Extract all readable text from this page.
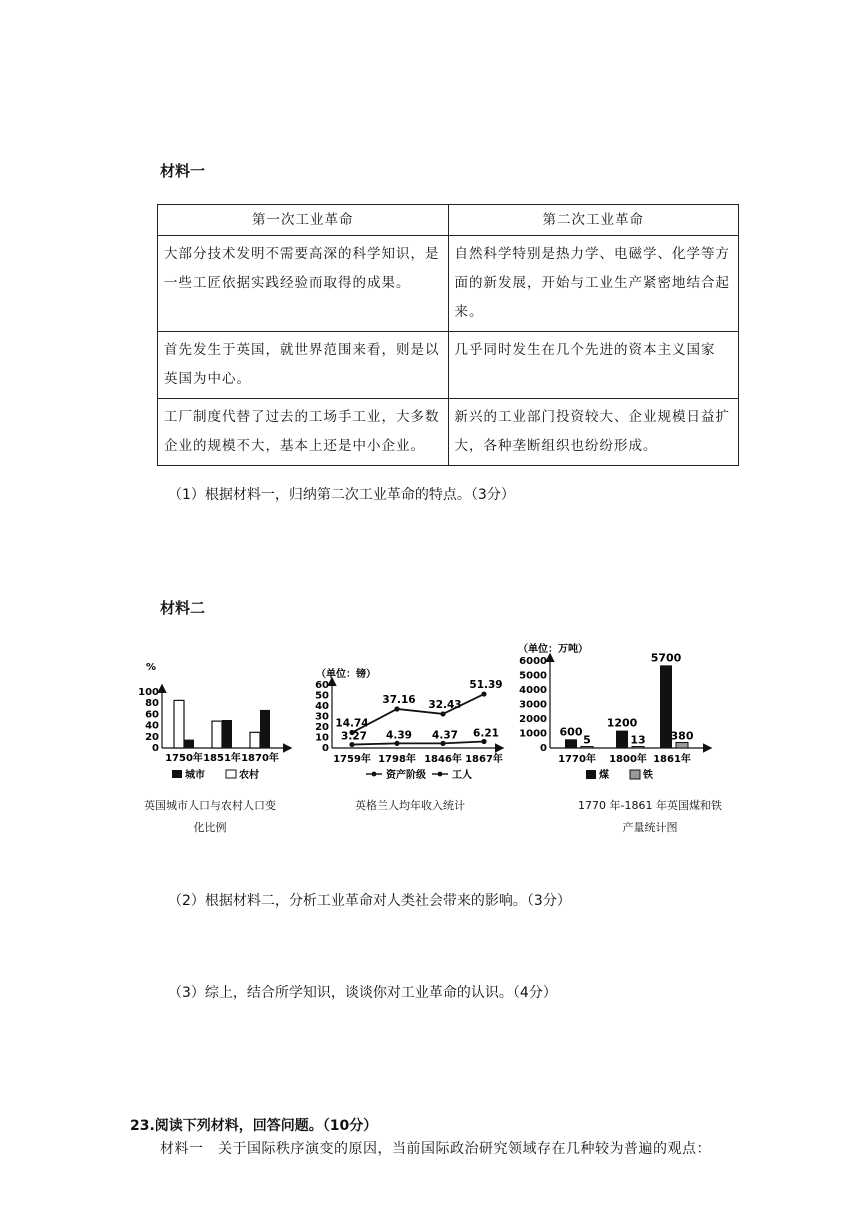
材料一
第一次工业革命	第二次工业革命
大部分技术发明不需要高深的科学知识，是一些工匠依据实践经验而取得的成果。	自然科学特别是热力学、电磁学、化学等方面的新发展，开始与工业生产紧密地结合起来。
首先发生于英国，就世界范围来看，则是以英国为中心。	几乎同时发生在几个先进的资本主义国家
工厂制度代替了过去的工场手工业，大多数企业的规模不大，基本上还是中小企业。	新兴的工业部门投资较大、企业规模日益扩大，各种垄断组织也纷纷形成。
（1）根据材料一，归纳第二次工业革命的特点。（3分）
材料二
100
80
60
40
20
0
%
1750年 1851年 1870年
城市	农村
60
50
40
30
20
10
0
（单位：镑）
14.74
37.16 32.43
51.39
3.27 4.39 4.37 6.21
1759年 1798年 1846年 1867年
资产阶级	工人
6000
5000
4000
3000
2000
1000
0
（单位：万吨）
600
5
1770年
1200
13
1800年
5700
380
1861年
煤	铁
英国城市人口与农村人口变化比例
英格兰人均年收入统计	1770 年-1861 年英国煤和铁产量统计图
（2）根据材料二，分析工业革命对人类社会带来的影响。（3分）
（3）综上，结合所学知识，谈谈你对工业革命的认识。（4分）
23.阅读下列材料，回答问题。（10分）
材料一　关于国际秩序演变的原因，当前国际政治研究领域存在几种较为普遍的观点：
